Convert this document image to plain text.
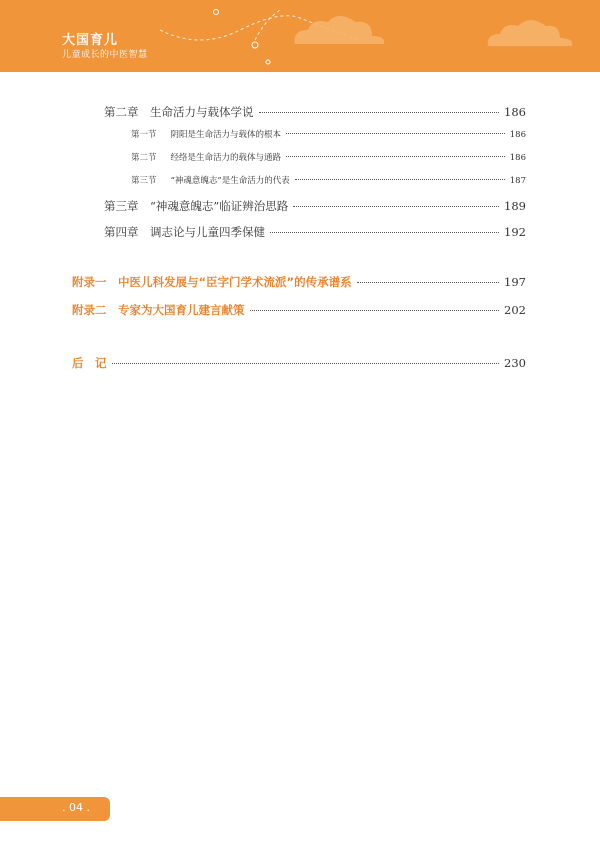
大国育儿
儿童成长的中医智慧
第二章　生命活力与载体学说	186
第一节 阴阳是生命活力与载体的根本	186
第二节 经络是生命活力的载体与通路	186
第三节 “神魂意魄志”是生命活力的代表	187
第三章　“神魂意魄志”临证辨治思路	189
第四章　调志论与儿童四季保健	192
附录一　中医儿科发展与“臣字门学术流派”的传承谱系	197
附录二　专家为大国育儿建言献策	202
后　记	230
. 04 .
